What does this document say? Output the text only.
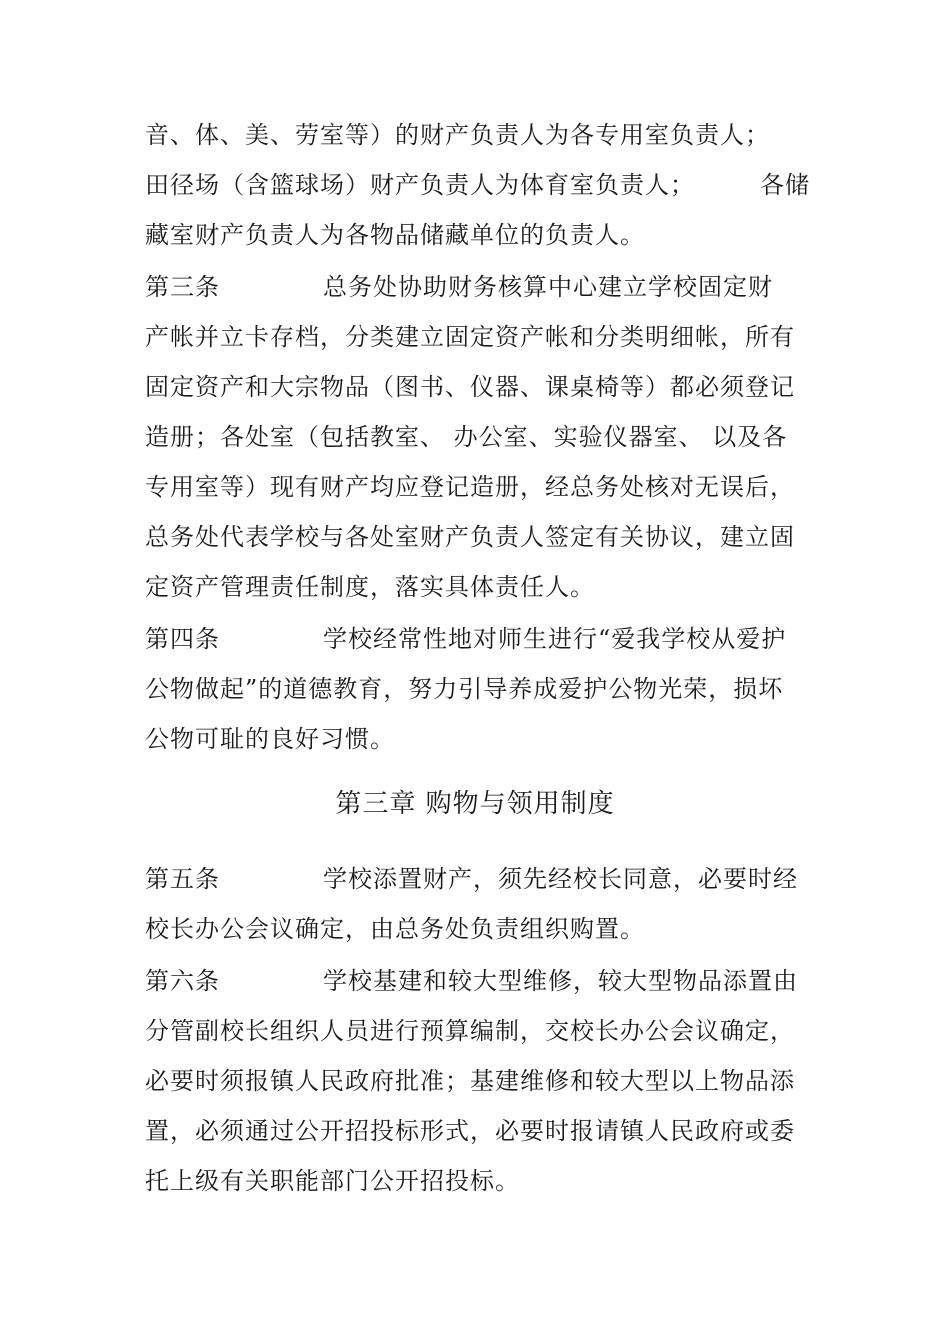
音、体、美、劳室等）的财产负责人为各专用室负责人；
田径场（含篮球场）财产负责人为体育室负责人；	各储
藏室财产负责人为各物品储藏单位的负责人。
第三条	总务处协助财务核算中心建立学校固定财
产帐并立卡存档，分类建立固定资产帐和分类明细帐，所有
固定资产和大宗物品（图书、仪器、课桌椅等）都必须登记
造册；各处室（包括教室、 办公室、实验仪器室、 以及各
专用室等）现有财产均应登记造册，经总务处核对无误后，
总务处代表学校与各处室财产负责人签定有关协议，建立固
定资产管理责任制度，落实具体责任人。
第四条	学校经常性地对师生进行“爱我学校从爱护
公物做起”的道德教育，努力引导养成爱护公物光荣，损坏
公物可耻的良好习惯。
第三章 购物与领用制度
第五条	学校添置财产，须先经校长同意，必要时经
校长办公会议确定，由总务处负责组织购置。
第六条	学校基建和较大型维修，较大型物品添置由
分管副校长组织人员进行预算编制，交校长办公会议确定，
必要时须报镇人民政府批准；基建维修和较大型以上物品添
置，必须通过公开招投标形式，必要时报请镇人民政府或委
托上级有关职能部门公开招投标。
